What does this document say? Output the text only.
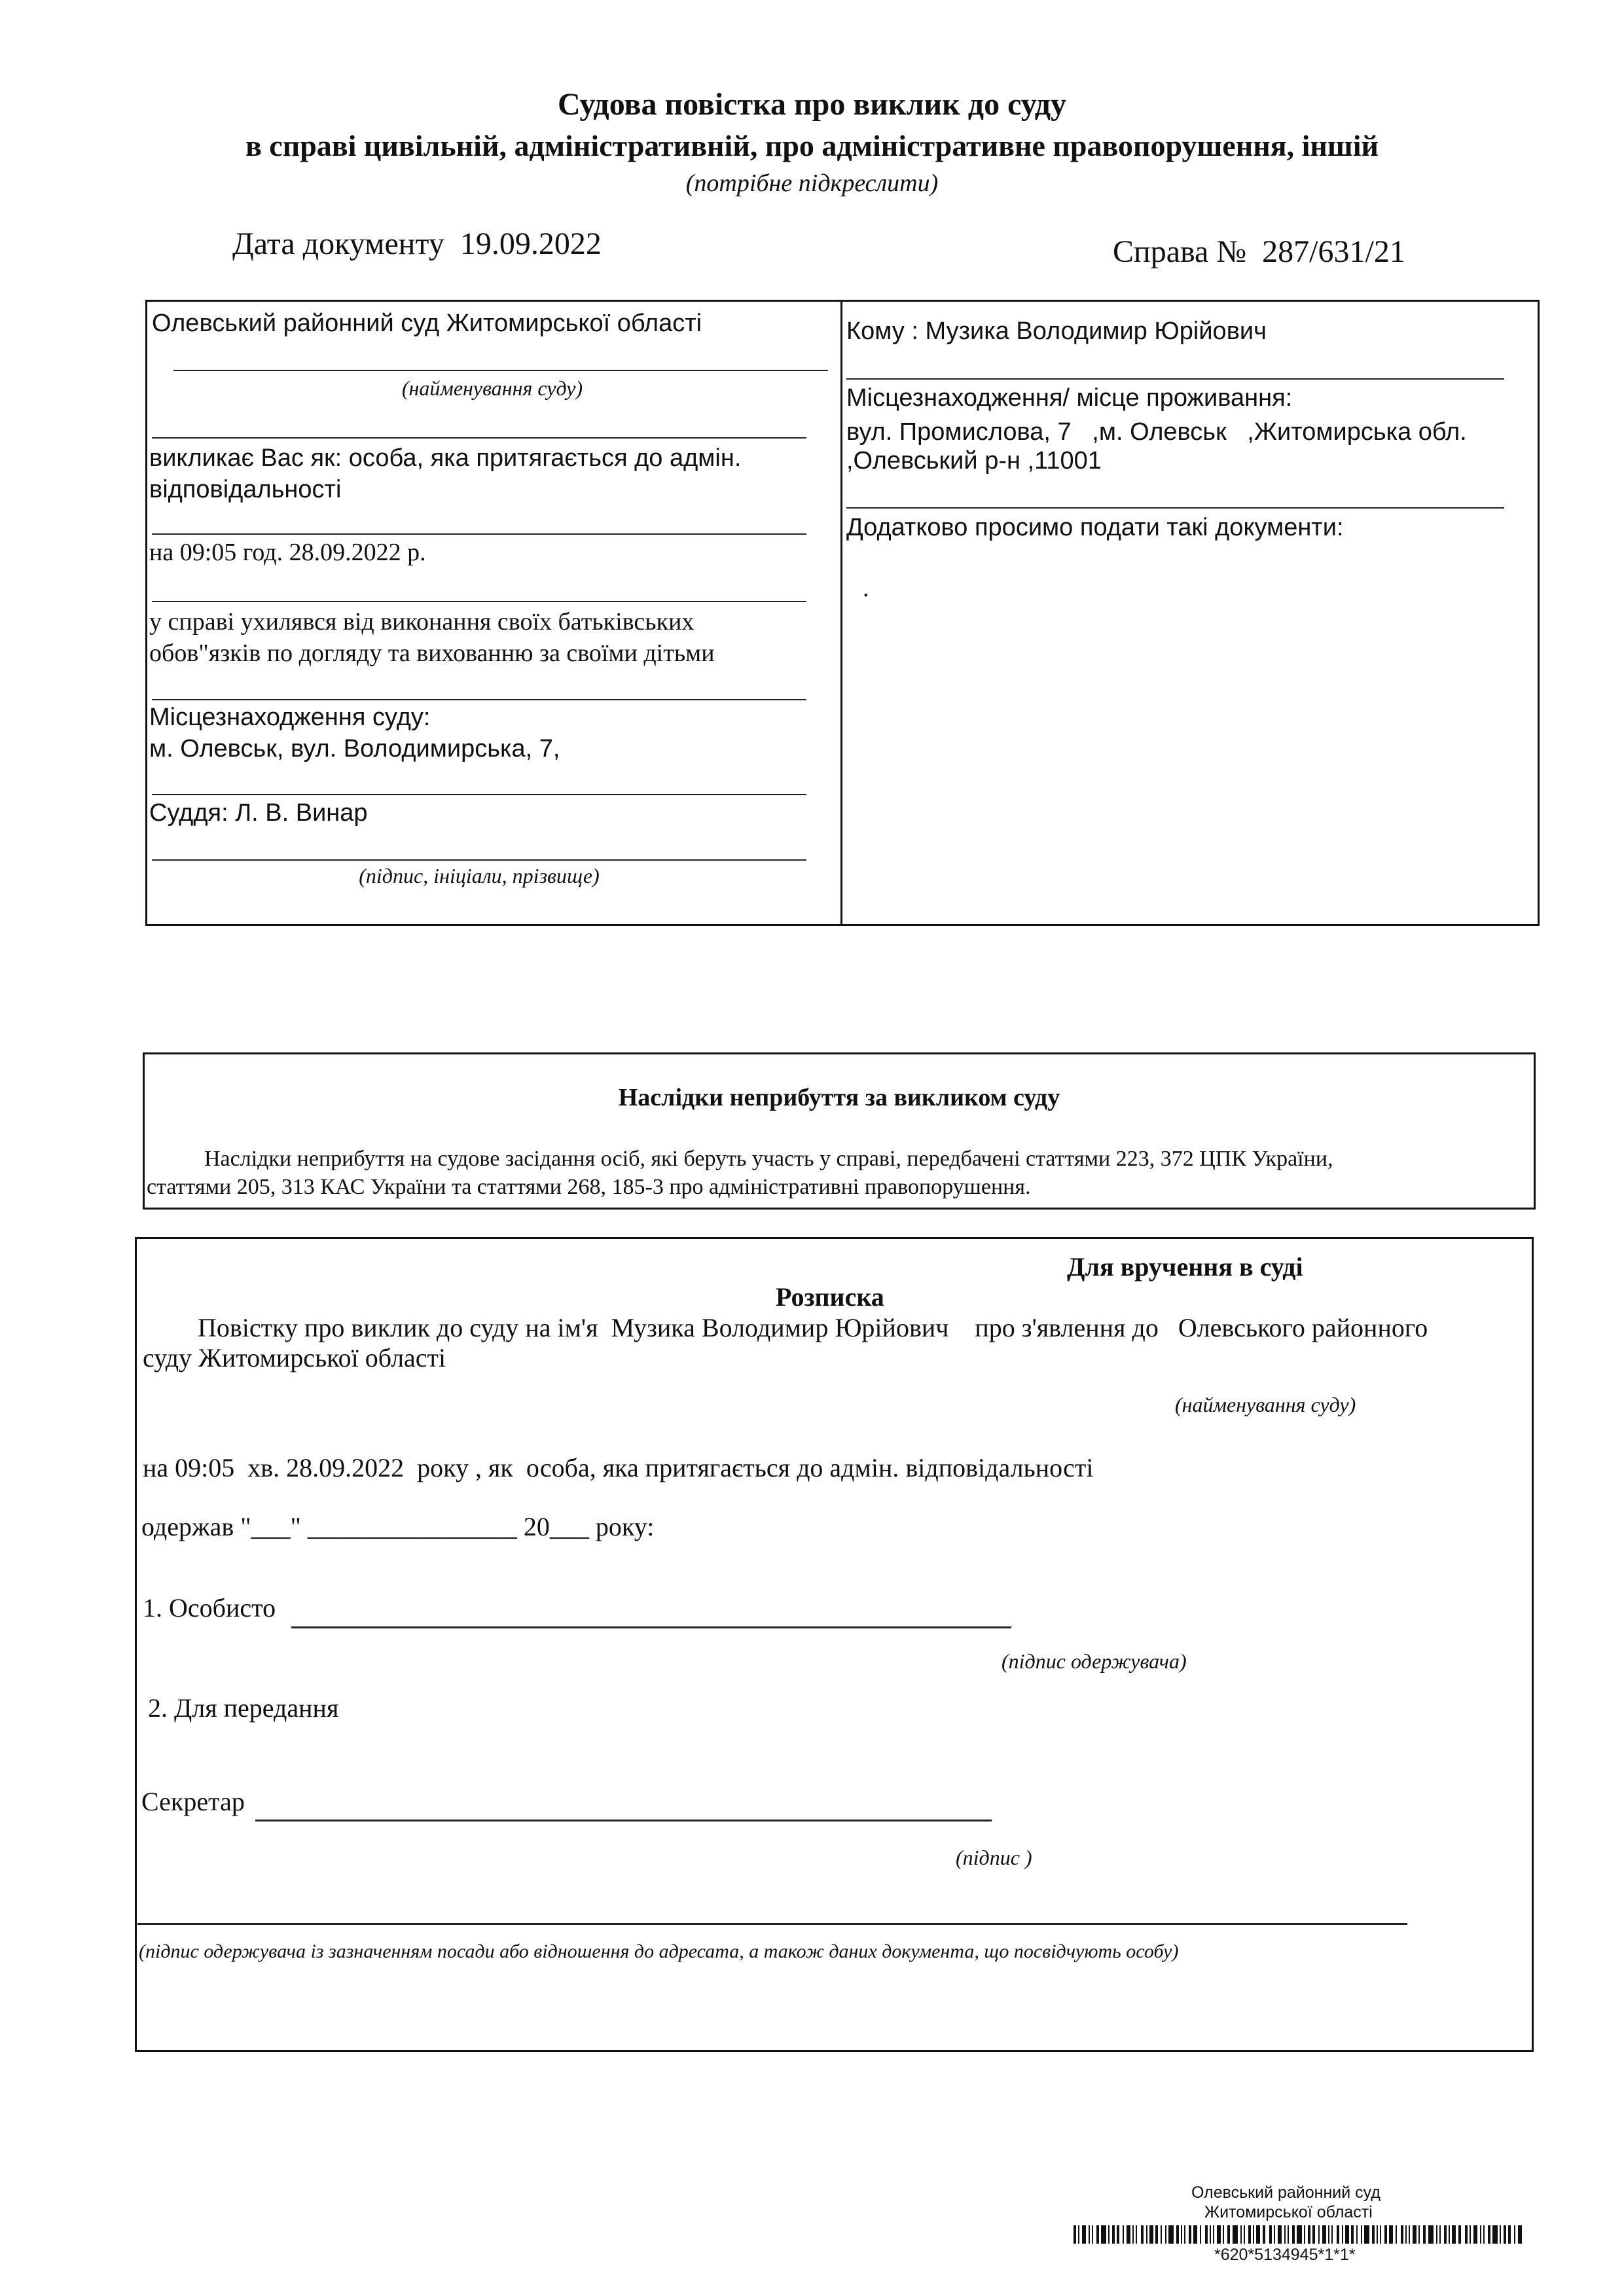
Судова повістка про виклик до суду
в справі цивільній, адміністративній, про адміністративне правопорушення, іншій
(потрібне підкреслити)
Дата документу 19.09.2022	Справа № 287/631/21
Олевський районний суд Житомирської області
(найменування суду)
викликає Вас як: особа, яка притягається до адмін. відповідальності
на 09:05 год. 28.09.2022 р.
у справі ухилявся від виконання своїх батьківських обов"язків по догляду та вихованню за своїми дітьми
Місцезнаходження суду:
м. Олевськ, вул. Володимирська, 7,
Суддя: Л. В. Винар
(підпис, ініціали, прізвище)
Кому : Музика Володимир Юрійович
Місцезнаходження/ місце проживання:
вул. Промислова, 7   ,м. Олевськ   ,Житомирська обл.
,Олевський р-н ,11001
Додатково просимо подати такі документи:
.
Наслідки неприбуття за викликом суду
Наслідки неприбуття на судове засідання осіб, які беруть участь у справі, передбачені статтями 223, 372 ЦПК України,
статтями 205, 313 КАС України та статтями 268, 185-3 про адміністративні правопорушення.
Для вручення в суді
Розписка
Повістку про виклик до суду на ім'я  Музика Володимир Юрійович    про з'явлення до   Олевського районного
суду Житомирської області
(найменування суду)
на 09:05  хв. 28.09.2022  року , як  особа, яка притягається до адмін. відповідальності
одержав "___" ________________ 20___ року:
1. Особисто
(підпис одержувача)
2. Для передання
Секретар
(підпис )
(підпис одержувача із зазначенням посади або відношення до адресата, а також даних документа, що посвідчують особу)
Олевський районний суд
Житомирської області
*620*5134945*1*1*
